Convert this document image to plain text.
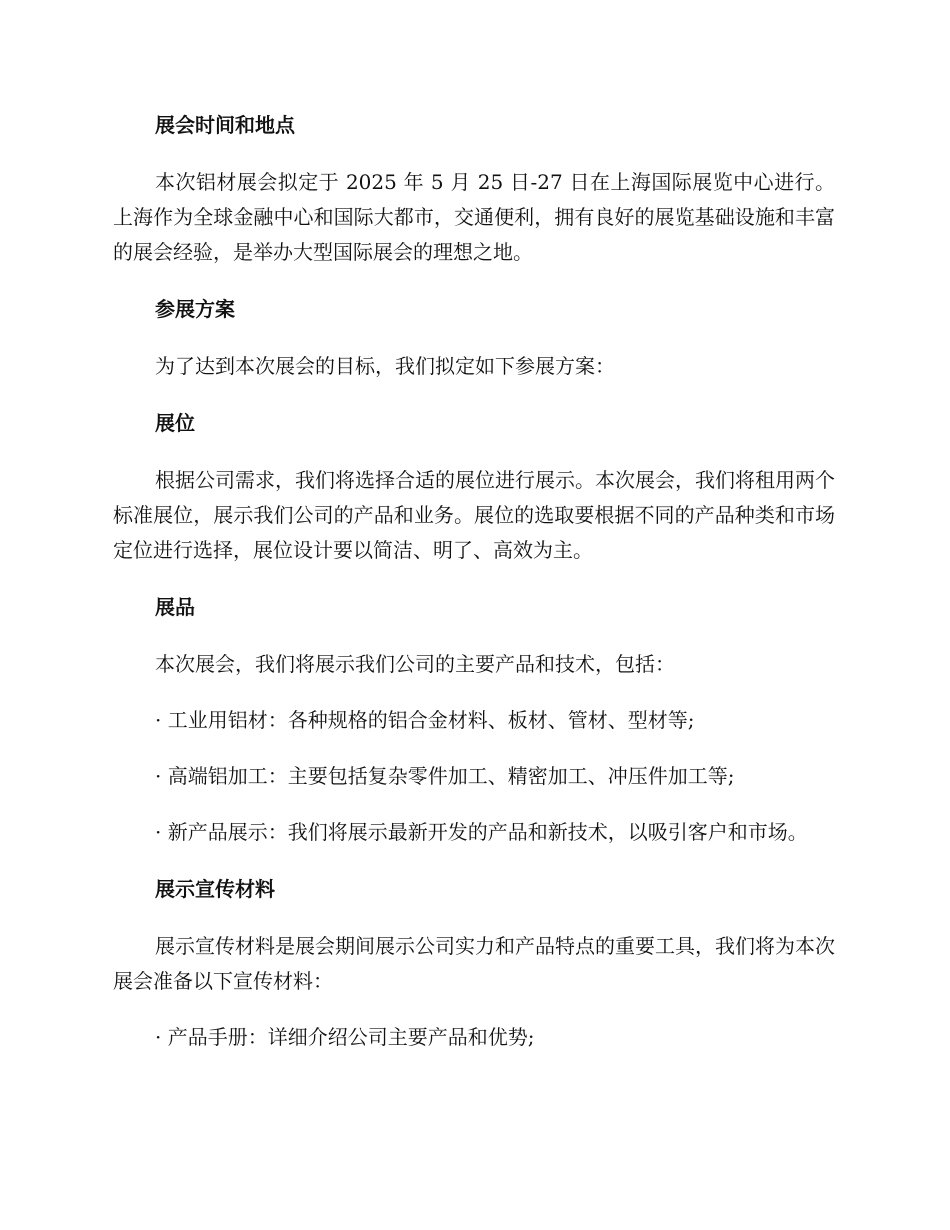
展会时间和地点

本次铝材展会拟定于 2025 年 5 月 25 日-27 日在上海国际展览中心进行。上海作为全球金融中心和国际大都市，交通便利，拥有良好的展览基础设施和丰富的展会经验，是举办大型国际展会的理想之地。

参展方案

为了达到本次展会的目标，我们拟定如下参展方案：

展位

根据公司需求，我们将选择合适的展位进行展示。本次展会，我们将租用两个标准展位，展示我们公司的产品和业务。展位的选取要根据不同的产品种类和市场定位进行选择，展位设计要以简洁、明了、高效为主。

展品

本次展会，我们将展示我们公司的主要产品和技术，包括：

· 工业用铝材：各种规格的铝合金材料、板材、管材、型材等;

· 高端铝加工：主要包括复杂零件加工、精密加工、冲压件加工等;

· 新产品展示：我们将展示最新开发的产品和新技术，以吸引客户和市场。

展示宣传材料

展示宣传材料是展会期间展示公司实力和产品特点的重要工具，我们将为本次展会准备以下宣传材料：

· 产品手册：详细介绍公司主要产品和优势;
